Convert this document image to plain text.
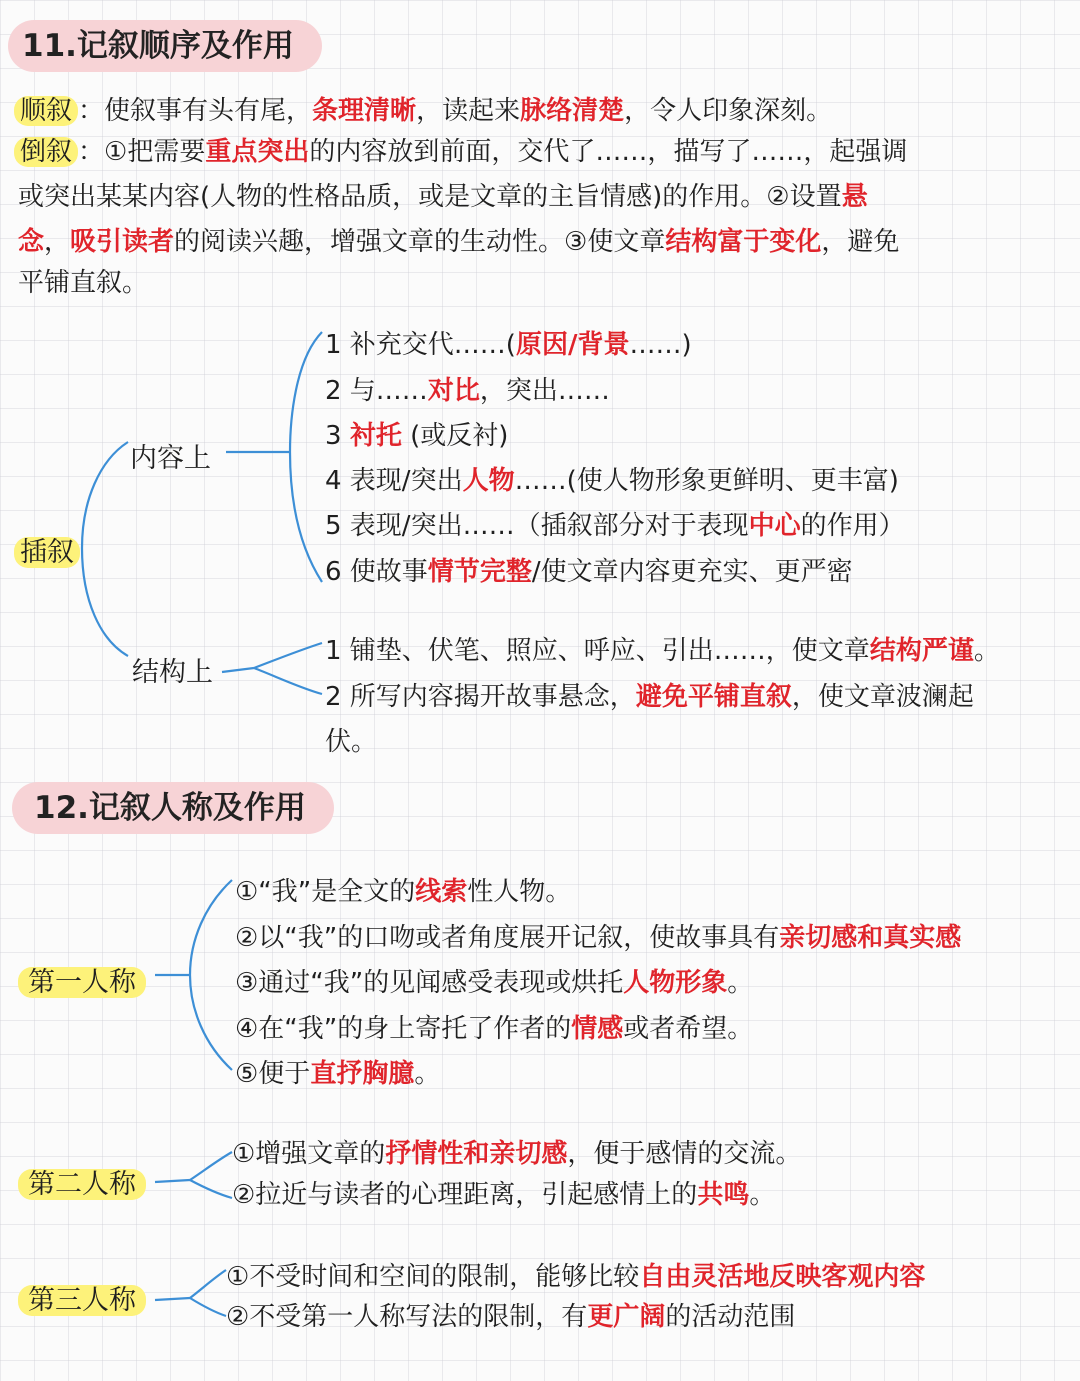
11.记叙顺序及作用
顺叙 ：使叙事有头有尾，条理清晰，读起来脉络清楚，令人印象深刻。
倒叙 ：①把需要重点突出的内容放到前面，交代了……，描写了……，起强调
或突出某某内容(人物的性格品质，或是文章的主旨情感)的作用。②设置悬
念，吸引读者的阅读兴趣，增强文章的生动性。③使文章结构富于变化，避免
平铺直叙。
插叙
内容上
结构上
1 补充交代……(原因/背景……)
2 与……对比，突出……
3 衬托 (或反衬)
4 表现/突出人物……(使人物形象更鲜明、更丰富)
5 表现/突出……（插叙部分对于表现中心的作用）
6 使故事情节完整/使文章内容更充实、更严密
1 铺垫、伏笔、照应、呼应、引出……，使文章结构严谨。
2 所写内容揭开故事悬念，避免平铺直叙，使文章波澜起
伏。
12.记叙人称及作用
第一人称
①“我”是全文的线索性人物。
②以“我”的口吻或者角度展开记叙，使故事具有亲切感和真实感
③通过“我”的见闻感受表现或烘托人物形象。
④在“我”的身上寄托了作者的情感或者希望。
⑤便于直抒胸臆。
第二人称
①增强文章的抒情性和亲切感，便于感情的交流。
②拉近与读者的心理距离，引起感情上的共鸣。
第三人称
①不受时间和空间的限制，能够比较自由灵活地反映客观内容
②不受第一人称写法的限制，有更广阔的活动范围
